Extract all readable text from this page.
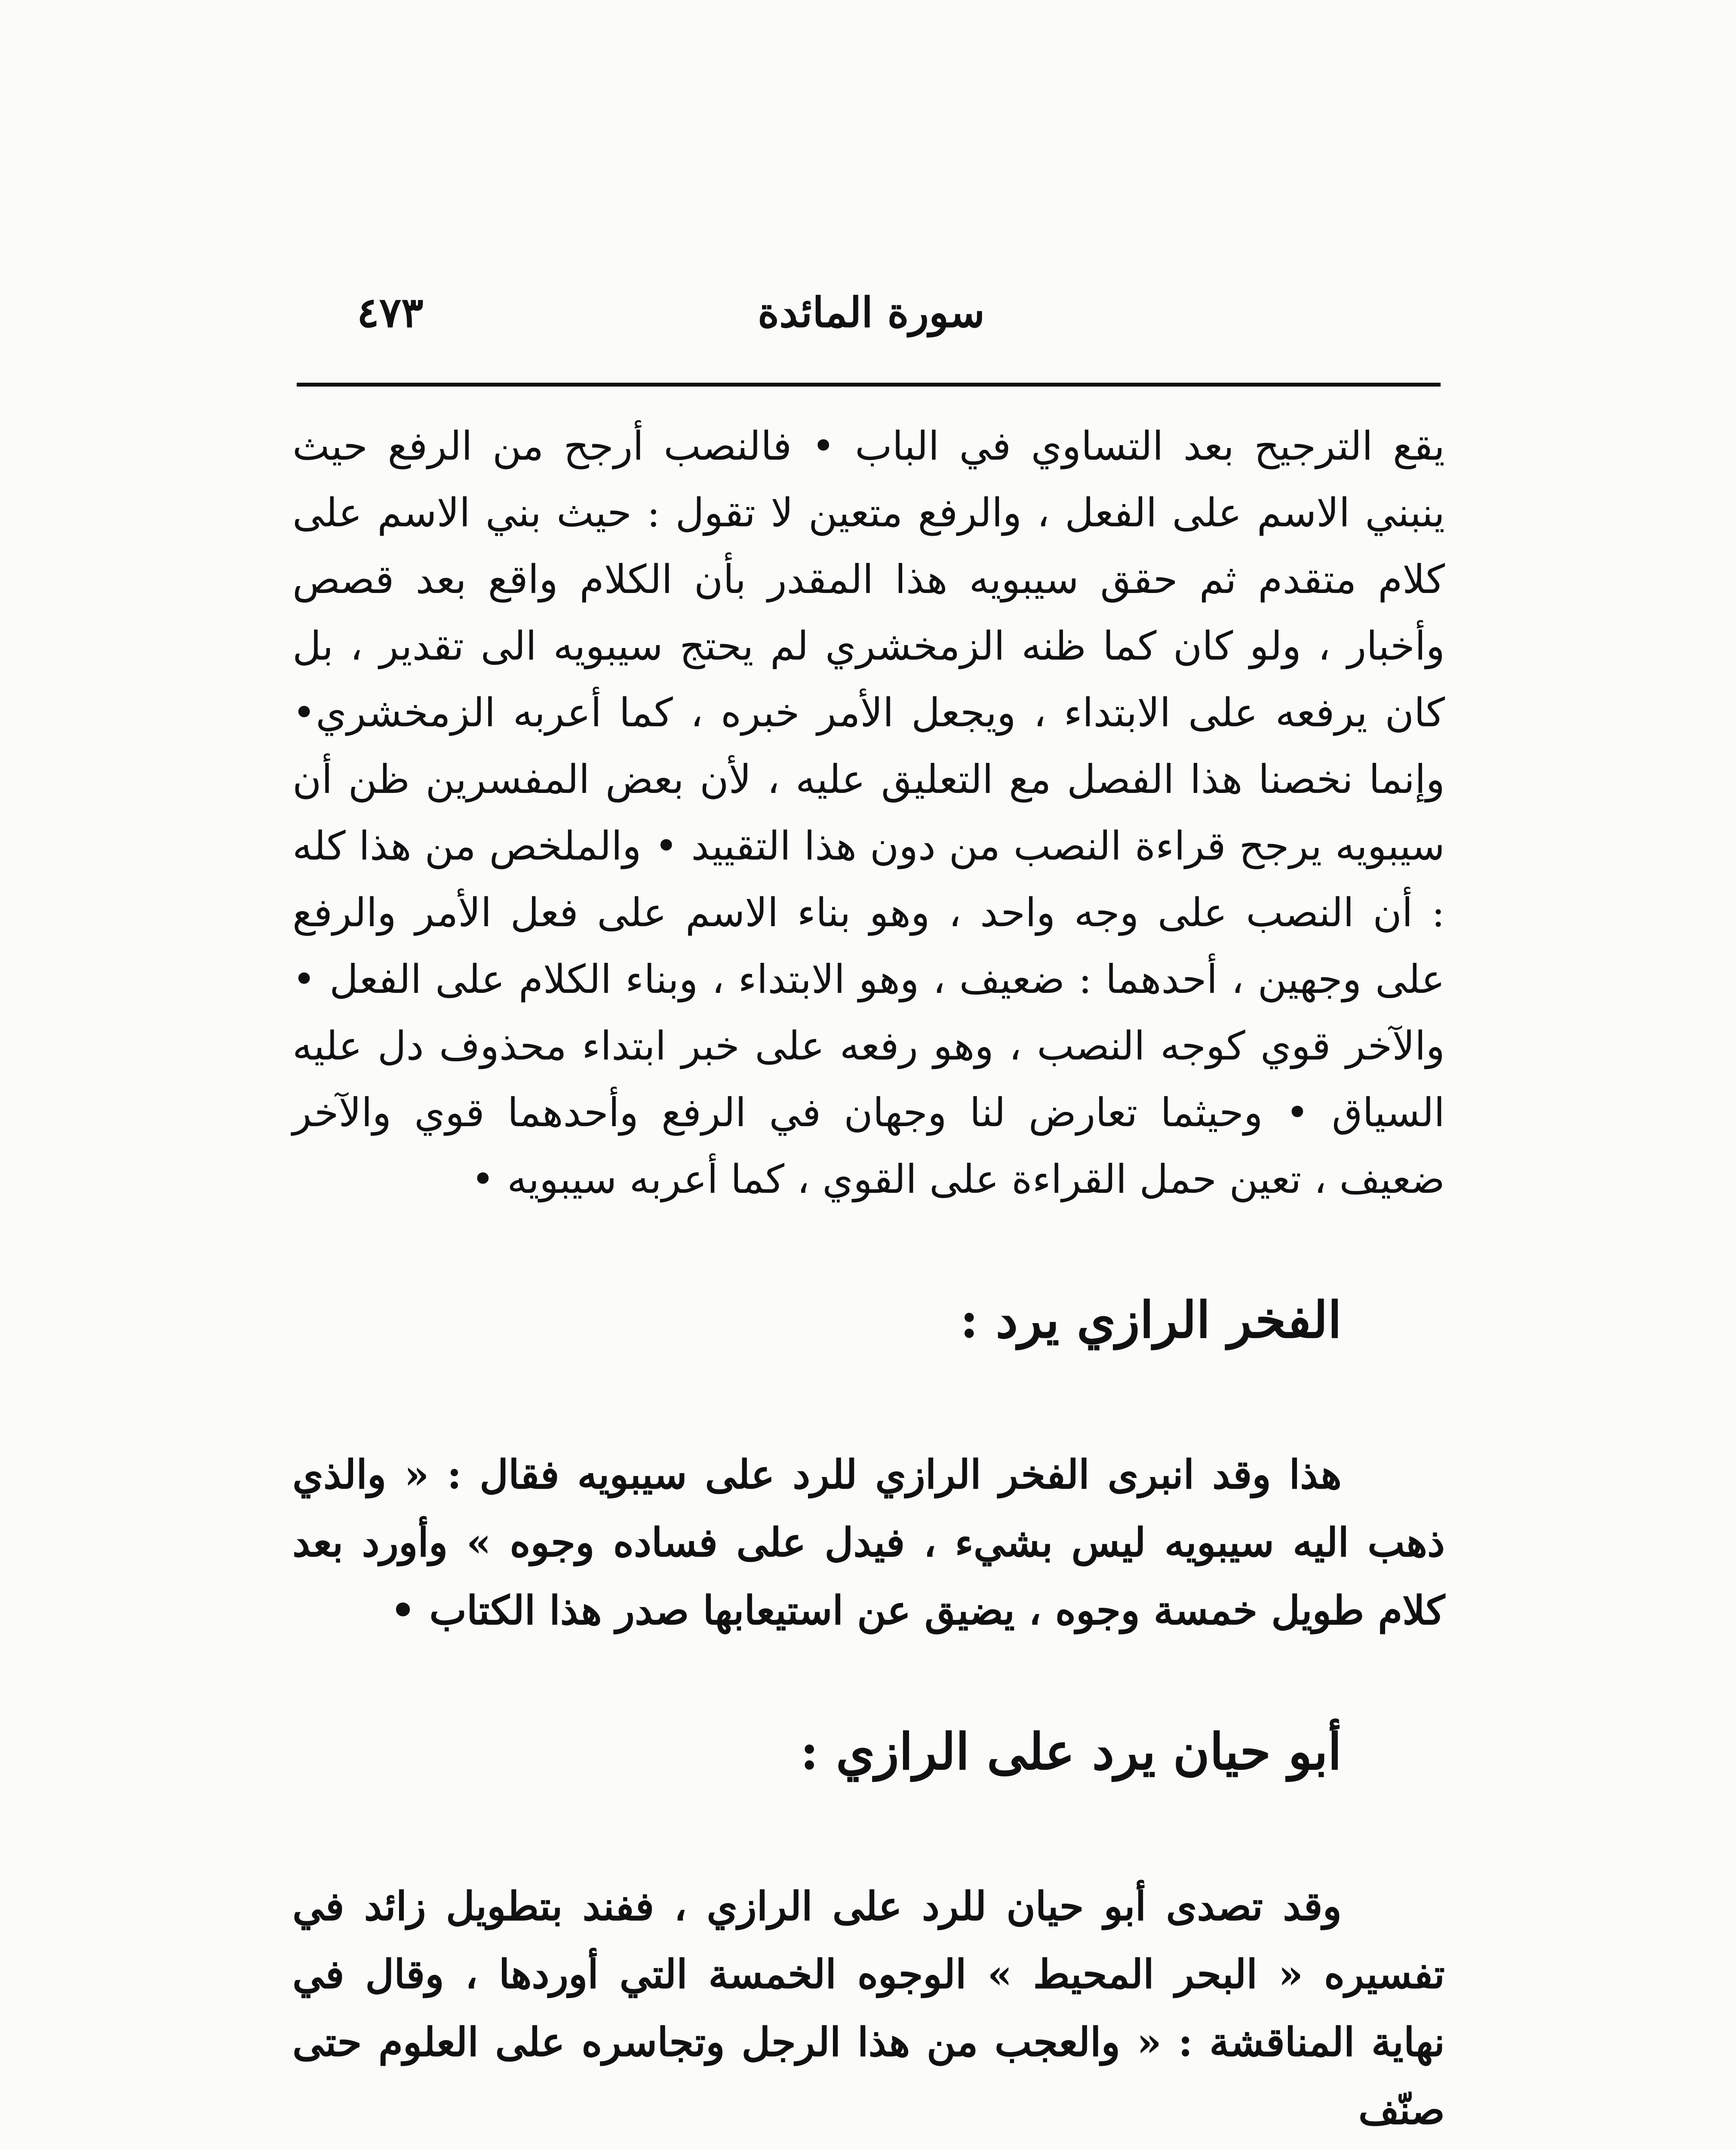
سورة المائدة
٤٧٣

يقع الترجيح بعد التساوي في الباب • فالنصب أرجح من الرفع حيث ينبني الاسم على الفعل ، والرفع متعين لا تقول : حيث بني الاسم على كلام متقدم ثم حقق سيبويه هذا المقدر بأن الكلام واقع بعد قصص وأخبار ، ولو كان كما ظنه الزمخشري لم يحتج سيبويه الى تقدير ، بل كان يرفعه على الابتداء ، ويجعل الأمر خبره ، كما أعربه الزمخشري• وإنما نخصنا هذا الفصل مع التعليق عليه ، لأن بعض المفسرين ظن أن سيبويه يرجح قراءة النصب من دون هذا التقييد • والملخص من هذا كله : أن النصب على وجه واحد ، وهو بناء الاسم على فعل الأمر والرفع على وجهين ، أحدهما : ضعيف ، وهو الابتداء ، وبناء الكلام على الفعل • والآخر قوي كوجه النصب ، وهو رفعه على خبر ابتداء محذوف دل عليه السياق • وحيثما تعارض لنا وجهان في الرفع وأحدهما قوي والآخر ضعيف ، تعين حمل القراءة على القوي ، كما أعربه سيبويه •

الفخر الرازي يرد :

هذا وقد انبرى الفخر الرازي للرد على سيبويه فقال : « والذي ذهب اليه سيبويه ليس بشيء ، فيدل على فساده وجوه » وأورد بعد كلام طويل خمسة وجوه ، يضيق عن استيعابها صدر هذا الكتاب •

أبو حيان يرد على الرازي :

وقد تصدى أبو حيان للرد على الرازي ، ففند بتطويل زائد في تفسيره « البحر المحيط » الوجوه الخمسة التي أوردها ، وقال في نهاية المناقشة : « والعجب من هذا الرجل وتجاسره على العلوم حتى صنّف
